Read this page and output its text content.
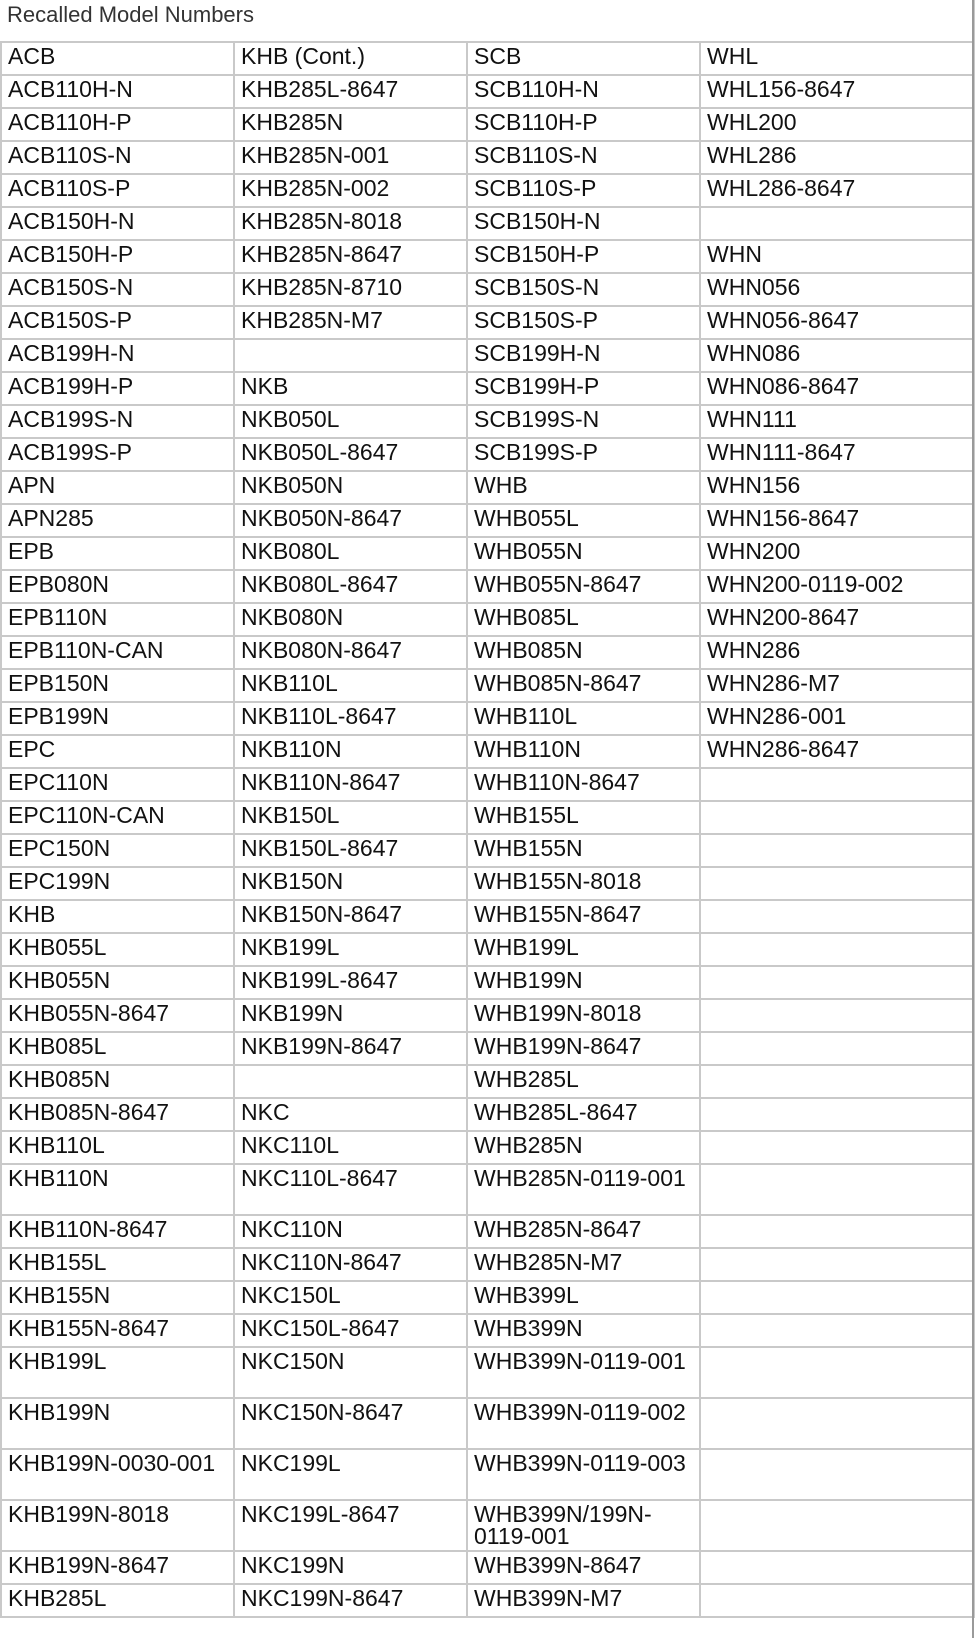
Recalled Model Numbers			
ACB	KHB (Cont.)	SCB	WHL
ACB110H-N	KHB285L-8647	SCB110H-N	WHL156-8647
ACB110H-P	KHB285N	SCB110H-P	WHL200
ACB110S-N	KHB285N-001	SCB110S-N	WHL286
ACB110S-P	KHB285N-002	SCB110S-P	WHL286-8647
ACB150H-N	KHB285N-8018	SCB150H-N	
ACB150H-P	KHB285N-8647	SCB150H-P	WHN
ACB150S-N	KHB285N-8710	SCB150S-N	WHN056
ACB150S-P	KHB285N-M7	SCB150S-P	WHN056-8647
ACB199H-N		SCB199H-N	WHN086
ACB199H-P	NKB	SCB199H-P	WHN086-8647
ACB199S-N	NKB050L	SCB199S-N	WHN111
ACB199S-P	NKB050L-8647	SCB199S-P	WHN111-8647
APN	NKB050N	WHB	WHN156
APN285	NKB050N-8647	WHB055L	WHN156-8647
EPB	NKB080L	WHB055N	WHN200
EPB080N	NKB080L-8647	WHB055N-8647	WHN200-0119-002
EPB110N	NKB080N	WHB085L	WHN200-8647
EPB110N-CAN	NKB080N-8647	WHB085N	WHN286
EPB150N	NKB110L	WHB085N-8647	WHN286-M7
EPB199N	NKB110L-8647	WHB110L	WHN286-001
EPC	NKB110N	WHB110N	WHN286-8647
EPC110N	NKB110N-8647	WHB110N-8647	
EPC110N-CAN	NKB150L	WHB155L	
EPC150N	NKB150L-8647	WHB155N	
EPC199N	NKB150N	WHB155N-8018	
KHB	NKB150N-8647	WHB155N-8647	
KHB055L	NKB199L	WHB199L	
KHB055N	NKB199L-8647	WHB199N	
KHB055N-8647	NKB199N	WHB199N-8018	
KHB085L	NKB199N-8647	WHB199N-8647	
KHB085N		WHB285L	
KHB085N-8647	NKC	WHB285L-8647	
KHB110L	NKC110L	WHB285N	
KHB110N	NKC110L-8647	WHB285N-0119-001	
KHB110N-8647	NKC110N	WHB285N-8647	
KHB155L	NKC110N-8647	WHB285N-M7	
KHB155N	NKC150L	WHB399L	
KHB155N-8647	NKC150L-8647	WHB399N	
KHB199L	NKC150N	WHB399N-0119-001	
KHB199N	NKC150N-8647	WHB399N-0119-002	
KHB199N-0030-001	NKC199L	WHB399N-0119-003	
KHB199N-8018	NKC199L-8647	WHB399N/199N-0119-001	
KHB199N-8647	NKC199N	WHB399N-8647	
KHB285L	NKC199N-8647	WHB399N-M7	
